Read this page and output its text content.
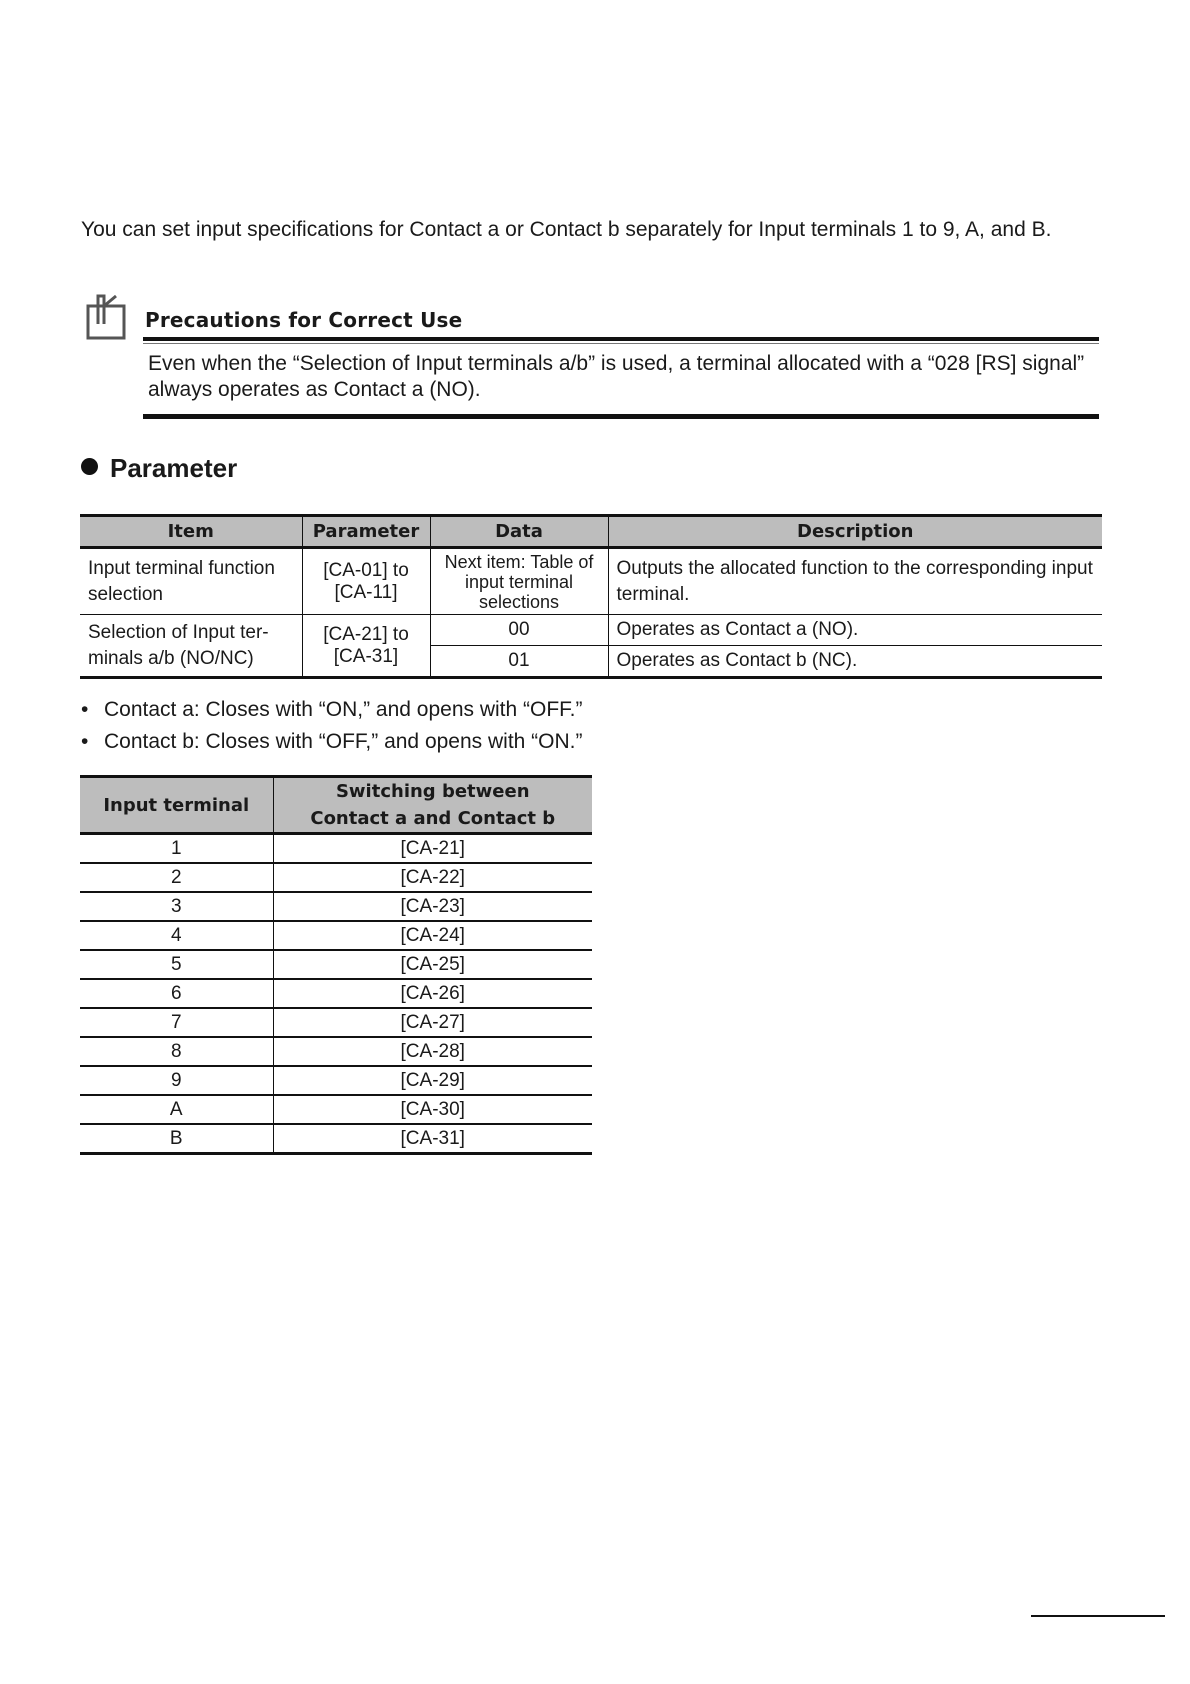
You can set input specifications for Contact a or Contact b separately for Input terminals 1 to 9, A, and B.
Precautions for Correct Use
Even when the “Selection of Input terminals a/b” is used, a terminal allocated with a “028 [RS] signal” always operates as Contact a (NO).
Parameter
Item	Parameter	Data	Description
Input terminal function selection	[CA-01] to [CA-11]	Next item: Table of input terminal selections	Outputs the allocated function to the corresponding input terminal.
Selection of Input ter-minals a/b (NO/NC)	[CA-21] to [CA-31]	00	Operates as Contact a (NO).
		01	Operates as Contact b (NC).
• Contact a: Closes with “ON,” and opens with “OFF.”
• Contact b: Closes with “OFF,” and opens with “ON.”
Input terminal	Switching between
Contact a and Contact b
1	[CA-21]
2	[CA-22]
3	[CA-23]
4	[CA-24]
5	[CA-25]
6	[CA-26]
7	[CA-27]
8	[CA-28]
9	[CA-29]
A	[CA-30]
B	[CA-31]
